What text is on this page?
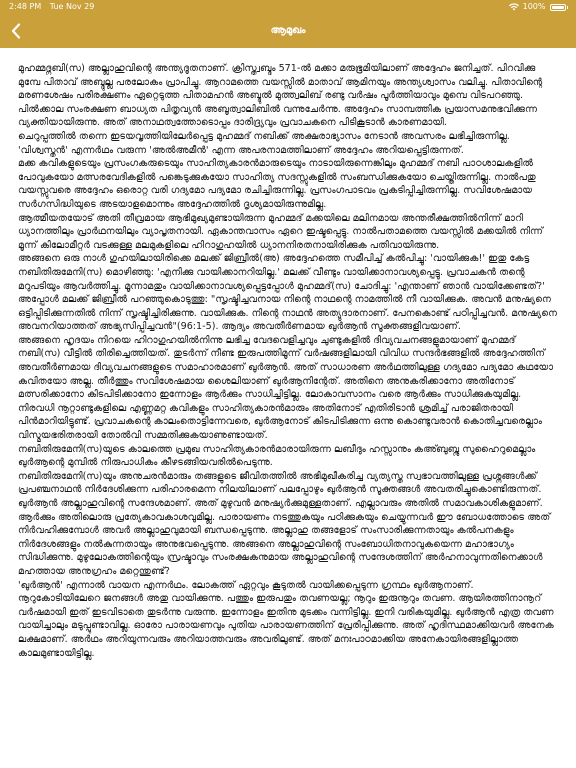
2:48 PM Tue Nov 29	100%
ആമുഖം

മുഹമ്മദ്നബി(സ) അല്ലാഹുവിന്റെ അന്ത്യദൂതനാണ്. ക്രിസ്ത്വബ്ദം 571-ൽ മക്കാ മരുഭൂമിയിലാണ് അദ്ദേഹം ജനിച്ചത്. പിറവിക്കു മുമ്പേ പിതാവ് അബ്ദുല്ല പരലോകം പ്രാപിച്ചു. ആറാമത്തെ വയസ്സിൽ മാതാവ് ആമിനയും അന്ത്യശ്വാസം വലിച്ചു. പിതാവിന്റെ മരണശേഷം പരിരക്ഷണം ഏറ്റെടുത്ത പിതാമഹൻ അബ്ദുൽ മുത്ത്വലിബ് രണ്ടു വർഷം പൂർത്തിയാവും മുമ്പെ വിടപറഞ്ഞു. പിൽക്കാല സംരക്ഷണ ബാധ്യത പിതൃവ്യൻ അബൂത്വാലിബിൽ വന്നുചേർന്നു. അദ്ദേഹം സാമ്പത്തിക പ്രയാസമനുഭവിക്കുന്ന വ്യക്തിയായിരുന്നു. അത് അനാഥത്വത്തോടൊപ്പം ദാരിദ്ര്യവും പ്രവാചകനെ പിടികൂടാൻ കാരണമായി.

ചെറുപ്പത്തിൽ തന്നെ ഇടയവൃത്തിയിലേർപ്പെട്ട മുഹമ്മദ് നബിക്ക് അക്ഷരാഭ്യാസം നേടാൻ അവസരം ലഭിച്ചിരുന്നില്ല. 'വിശ്വസ്തൻ' എന്നർഥം വരുന്ന 'അൽഅമീൻ' എന്ന അപരനാമത്തിലാണ് അദ്ദേഹം അറിയപ്പെട്ടിരുന്നത്.

മക്ക കവികളുടെയും പ്രസംഗകരുടെയും സാഹിത്യകാരൻമാരുടെയും നാടായിരുന്നെങ്കിലും മുഹമ്മദ് നബി പാഠശാലകളിൽ പോവുകയോ മത്സരവേദികളിൽ പങ്കെടുക്കുകയോ സാഹിത്യ സദസ്സുകളിൽ സംബന്ധിക്കുകയോ ചെയ്തിരുന്നില്ല. നാൽപതു വയസ്സുവരെ അദ്ദേഹം ഒരൊറ്റ വരി ഗദ്യമോ പദ്യമോ രചിച്ചിരുന്നില്ല. പ്രസംഗപാടവം പ്രകടിപ്പിച്ചിരുന്നില്ല. സവിശേഷമായ സർഗസിദ്ധിയുടെ അടയാളമൊന്നും അദ്ദേഹത്തിൽ ദൃശ്യമായിരുന്നുമില്ല.

ആത്മീയതയോട് അതി തീവ്രമായ ആഭിമുഖ്യമുണ്ടായിരുന്ന മുഹമ്മദ് മക്കയിലെ മലിനമായ അന്തരീക്ഷത്തിൽനിന്ന് മാറി ധ്യാനത്തിലും പ്രാർഥനയിലും വ്യാപൃതനായി. ഏകാന്തവാസം ഏറെ ഇഷ്ടപ്പെട്ടു. നാൽപതാമത്തെ വയസ്സിൽ മക്കയിൽ നിന്ന് മൂന്ന് കിലോമീറ്റർ വടക്കുള്ള മലമുകളിലെ ഹിറാഗുഹയിൽ ധ്യാനനിരതനായിരിക്കുക പതിവായിരുന്നു.

അങ്ങനെ ഒരു നാൾ ഗുഹയിലായിരിക്കെ മലക്ക് ജിബ്രീൽ(അ) അദ്ദേഹത്തെ സമീപിച്ച് കൽപിച്ചു: 'വായിക്കുക!' ഇതു കേട്ട നബിതിരുമേനി(സ) മൊഴിഞ്ഞു: 'എനിക്കു വായിക്കാനറിയില്ല.' മലക്ക് വീണ്ടും വായിക്കാനാവശ്യപ്പെട്ടു. പ്രവാചകൻ തന്റെ മറുപടിയും ആവർത്തിച്ചു. മൂന്നാമതും വായിക്കാനാവശ്യപ്പെട്ടപ്പോൾ മുഹമ്മദ്(സ) ചോദിച്ചു: 'എന്താണ് ഞാൻ വായിക്കേണ്ടത്?' അപ്പോൾ മലക്ക് ജിബ്രീൽ പറഞ്ഞുകൊടുത്തു: "സൃഷ്ടിച്ചവനായ നിന്റെ നാഥന്റെ നാമത്തിൽ നീ വായിക്കുക. അവൻ മനുഷ്യനെ ഒട്ടിപ്പിടിക്കുന്നതിൽ നിന്ന് സൃഷ്ടിച്ചിരിക്കുന്നു. വായിക്കുക. നിന്റെ നാഥൻ അത്യുദാരനാണ്. പേനകൊണ്ട് പഠിപ്പിച്ചവൻ. മനുഷ്യനെ അവനറിയാത്തത് അഭ്യസിപ്പിച്ചവൻ"(96:1-5). ആദ്യം അവതീർണമായ ഖുർആൻ സൂക്തങ്ങളിവയാണ്.

അങ്ങനെ ഹൃദയം നിറയെ ഹിറാഗുഹയിൽനിന്നു ലഭിച്ച വേദവെളിച്ചവും ചുണ്ടുകളിൽ ദിവ്യവചനങ്ങളുമായാണ് മുഹമ്മദ് നബി(സ) വീട്ടിൽ തിരിച്ചെത്തിയത്. തുടർന്ന് നീണ്ട ഇരുപത്തിമൂന്ന് വർഷങ്ങളിലായി വിവിധ സന്ദർഭങ്ങളിൽ അദ്ദേഹത്തിന് അവതീർണമായ ദിവ്യവചനങ്ങളുടെ സമാഹാരമാണ് ഖുർആൻ. അത് സാധാരണ അർഥത്തിലുള്ള ഗദ്യമോ പദ്യമോ കഥയോ കവിതയോ അല്ല. തീർത്തും സവിശേഷമായ ശൈലിയാണ് ഖുർആനിന്റേത്. അതിനെ അനുകരിക്കാനോ അതിനോട് മത്സരിക്കാനോ കിടപിടിക്കാനോ ഇന്നോളം ആർക്കും സാധിച്ചിട്ടില്ല. ലോകാവസാനം വരെ ആർക്കും സാധിക്കുകയുമില്ല. നിരവധി നൂറ്റാണ്ടുകളിലെ എണ്ണമറ്റ കവികളും സാഹിത്യകാരൻമാരും അതിനോട് എതിരിടാൻ ശ്രമിച്ച് പരാജിതരായി പിൻമാറിയിട്ടുണ്ട്. പ്രവാചകന്റെ കാലംതൊട്ടിന്നേവരെ, ഖുർആനോട് കിടപിടിക്കുന്ന ഒന്നു കൊണ്ടുവരാൻ കൊതിച്ചവരെല്ലാം വിസ്മയഭരിതരായി തോൽവി സമ്മതിക്കുകയാണുണ്ടായത്.

നബിതിരുമേനി(സ)യുടെ കാലത്തെ പ്രമുഖ സാഹിത്യകാരൻമാരായിരുന്ന ലബീദും ഹസ്സാനും കഅ്ബുബ്നു സുഹൈറുമെല്ലാം ഖുർആന്റെ മുമ്പിൽ നിരുപാധികം കീഴടങ്ങിയവരിൽപെടുന്നു.

നബിതിരുമേനി(സ)യും അനുചരൻമാരും തങ്ങളുടെ ജീവിതത്തിൽ അഭിമുഖീകരിച്ച വ്യത്യസ്ത സ്വഭാവത്തിലുള്ള പ്രശ്നങ്ങൾക്ക് പ്രപഞ്ചനാഥൻ നിർദേശിക്കുന്ന പരിഹാരമെന്ന നിലയിലാണ് പലപ്പോഴും ഖുർആൻ സൂക്തങ്ങൾ അവതരിച്ചുകൊണ്ടിരുന്നത്.

ഖുർആൻ അല്ലാഹുവിന്റെ സന്ദേശമാണ്. അത് മുഴുവൻ മനുഷ്യർക്കുമുള്ളതാണ്. എല്ലാവരും അതിൽ സമാവകാശികളുമാണ്. ആർക്കും അതിലൊരു പ്രത്യേകാവകാശവുമില്ല. പാരായണം നടത്തുകയും പഠിക്കുകയും ചെയ്യുന്നവർ ഈ ബോധത്തോടെ അത് നിർവഹിക്കുമ്പോൾ അവർ അല്ലാഹുവുമായി ബന്ധപ്പെടുന്നു. അല്ലാഹു തങ്ങളോട് സംസാരിക്കുന്നതായും കൽപനകളും നിർദേശങ്ങളും നൽകുന്നതായും അനുഭവപ്പെടുന്നു. അങ്ങനെ അല്ലാഹുവിന്റെ സംബോധിതനാവുകയെന്ന മഹാഭാഗ്യം സിദ്ധിക്കുന്നു. മുഴുലോകത്തിന്റെയും സ്രഷ്ടാവും സംരക്ഷകനുമായ അല്ലാഹുവിന്റെ സന്ദേശത്തിന് അർഹനാവുന്നതിനെക്കാൾ മഹത്തായ അനുഗ്രഹം മറ്റെന്തുണ്ട്?

'ഖുർആൻ' എന്നാൽ വായന എന്നർഥം. ലോകത്ത് ഏറ്റവും കൂടുതൽ വായിക്കപ്പെടുന്ന ഗ്രന്ഥം ഖുർആനാണ്. നൂറുകോടിയിലേറെ ജനങ്ങൾ അതു വായിക്കുന്നു. പത്തും ഇരുപതും തവണയല്ല; നൂറും ഇരുനൂറും തവണ. ആയിരത്തിനാനൂറ് വർഷമായി ഇത് ഇടവിടാതെ തുടർന്നു വരുന്നു. ഇന്നോളം ഇതിനു മുടക്കം വന്നിട്ടില്ല. ഇനി വരികയുമില്ല. ഖുർആൻ എത്ര തവണ വായിച്ചാലും മടുപ്പുണ്ടാവില്ല. ഓരോ പാരായണവും പുതിയ പാരായണത്തിന് പ്രേരിപ്പിക്കുന്നു. അത് ഹൃദിസ്ഥമാക്കിയവർ അനേക ലക്ഷമാണ്. അർഥം അറിയുന്നവരും അറിയാത്തവരും അവരിലുണ്ട്. അത് മനഃപാഠമാക്കിയ അനേകായിരങ്ങളില്ലാത്ത കാലമുണ്ടായിട്ടില്ല.
